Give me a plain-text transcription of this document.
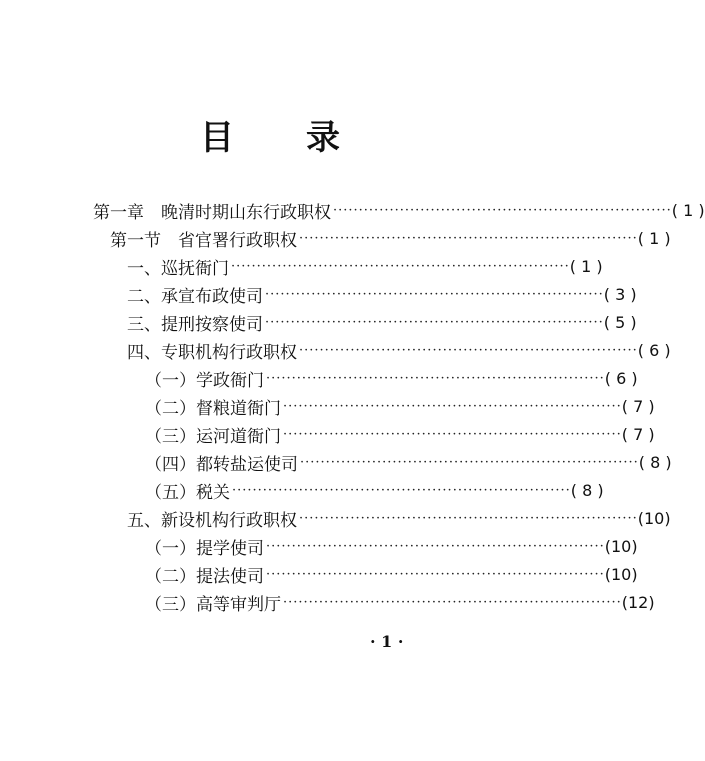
目 录
第一章　晚清时期山东行政职权 ·································································· ( 1 )
第一节　省官署行政职权 ·································································· ( 1 )
一、巡抚衙门 ·································································· ( 1 )
二、承宣布政使司 ·································································· ( 3 )
三、提刑按察使司 ·································································· ( 5 )
四、专职机构行政职权 ·································································· ( 6 )
（一）学政衙门 ·································································· ( 6 )
（二）督粮道衙门 ·································································· ( 7 )
（三）运河道衙门 ·································································· ( 7 )
（四）都转盐运使司 ·································································· ( 8 )
（五）税关 ·································································· ( 8 )
五、新设机构行政职权 ·································································· (10)
（一）提学使司 ·································································· (10)
（二）提法使司 ·································································· (10)
（三）高等审判厅 ·································································· (12)
· 1 ·
